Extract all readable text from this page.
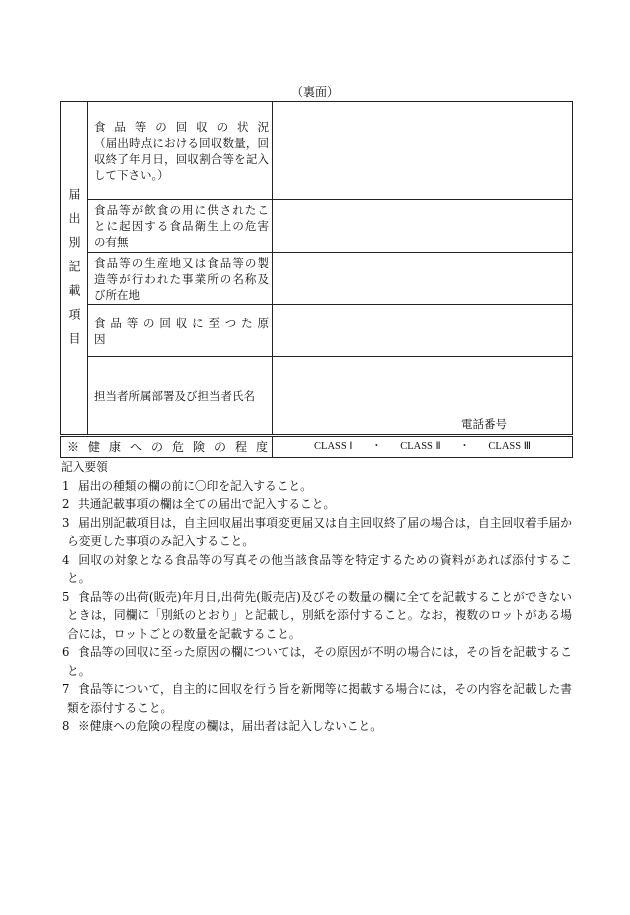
（裏面）
届出別記載項目	食 品 等 の 回 収 の 状 況
（届出時点における回収数量，回
収終了年月日，回収割合等を記入
して下さい。）	

	食品等が飲食の用に供されたこ
とに起因する食品衛生上の危害
の有無	

	食品等の生産地又は食品等の製
造等が行われた事業所の名称及
び所在地	

	食 品 等 の 回 収 に 至 つ た 原 因	

	担当者所属部署及び担当者氏名	電話番号
※ 健 康 へ の 危 険 の 程 度		CLASS Ⅰ ・ CLASS Ⅱ ・ CLASS Ⅲ

記入要領

1 届出の種類の欄の前に〇印を記入すること。

2 共通記載事項の欄は全ての届出で記入すること。

3 届出別記載項目は，自主回収届出事項変更届又は自主回収終了届の場合は，自主回収着手届から変更した事項のみ記入すること。

4 回収の対象となる食品等の写真その他当該食品等を特定するための資料があれば添付すること。

5 食品等の出荷(販売)年月日,出荷先(販売店)及びその数量の欄に全てを記載することができないときは，同欄に「別紙のとおり」と記載し，別紙を添付すること。なお，複数のロットがある場合には，ロットごとの数量を記載すること。

6 食品等の回収に至った原因の欄については，その原因が不明の場合には，その旨を記載すること。

7 食品等について，自主的に回収を行う旨を新聞等に掲載する場合には，その内容を記載した書類を添付すること。

8 ※健康への危険の程度の欄は，届出者は記入しないこと。
